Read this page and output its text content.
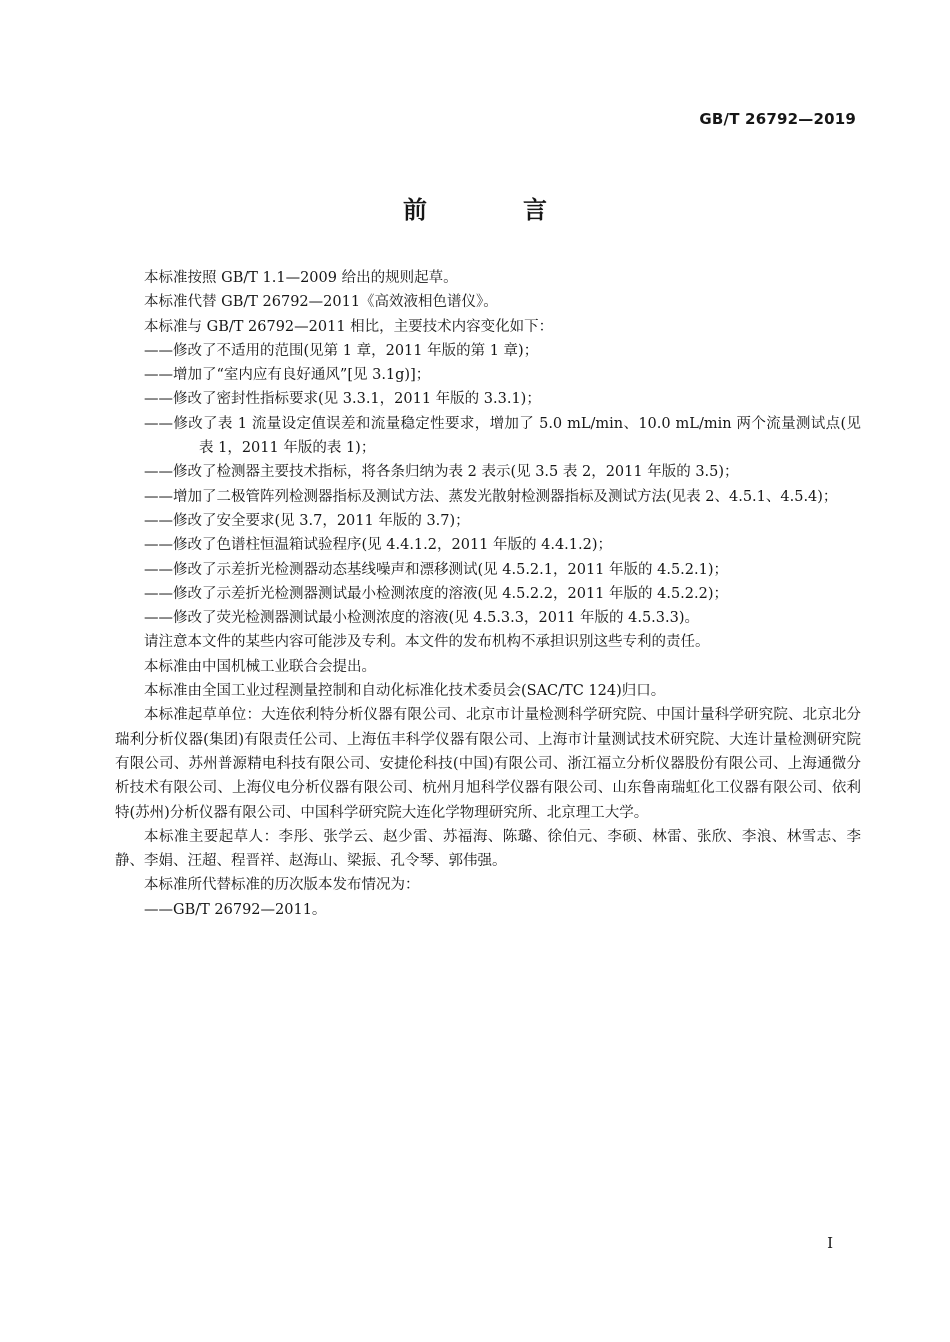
GB/T 26792—2019
前　言

本标准按照 GB/T 1.1—2009 给出的规则起草。

本标准代替 GB/T 26792—2011《高效液相色谱仪》。

本标准与 GB/T 26792—2011 相比，主要技术内容变化如下：

——修改了不适用的范围(见第 1 章，2011 年版的第 1 章)；

——增加了“室内应有良好通风”[见 3.1g)]；

——修改了密封性指标要求(见 3.3.1，2011 年版的 3.3.1)；

——修改了表 1 流量设定值误差和流量稳定性要求，增加了 5.0 mL/min、10.0 mL/min 两个流量测试点(见表 1，2011 年版的表 1)；

——修改了检测器主要技术指标，将各条归纳为表 2 表示(见 3.5 表 2，2011 年版的 3.5)；

——增加了二极管阵列检测器指标及测试方法、蒸发光散射检测器指标及测试方法(见表 2、4.5.1、4.5.4)；

——修改了安全要求(见 3.7，2011 年版的 3.7)；

——修改了色谱柱恒温箱试验程序(见 4.4.1.2，2011 年版的 4.4.1.2)；

——修改了示差折光检测器动态基线噪声和漂移测试(见 4.5.2.1，2011 年版的 4.5.2.1)；

——修改了示差折光检测器测试最小检测浓度的溶液(见 4.5.2.2，2011 年版的 4.5.2.2)；

——修改了荧光检测器测试最小检测浓度的溶液(见 4.5.3.3，2011 年版的 4.5.3.3)。

请注意本文件的某些内容可能涉及专利。本文件的发布机构不承担识别这些专利的责任。

本标准由中国机械工业联合会提出。

本标准由全国工业过程测量控制和自动化标准化技术委员会(SAC/TC 124)归口。

本标准起草单位：大连依利特分析仪器有限公司、北京市计量检测科学研究院、中国计量科学研究院、北京北分瑞利分析仪器(集团)有限责任公司、上海伍丰科学仪器有限公司、上海市计量测试技术研究院、大连计量检测研究院有限公司、苏州普源精电科技有限公司、安捷伦科技(中国)有限公司、浙江福立分析仪器股份有限公司、上海通微分析技术有限公司、上海仪电分析仪器有限公司、杭州月旭科学仪器有限公司、山东鲁南瑞虹化工仪器有限公司、依利特(苏州)分析仪器有限公司、中国科学研究院大连化学物理研究所、北京理工大学。

本标准主要起草人：李彤、张学云、赵少雷、苏福海、陈璐、徐伯元、李硕、林雷、张欣、李浪、林雪志、李静、李娟、汪超、程晋祥、赵海山、梁振、孔令琴、郭伟强。

本标准所代替标准的历次版本发布情况为：

——GB/T 26792—2011。

I
